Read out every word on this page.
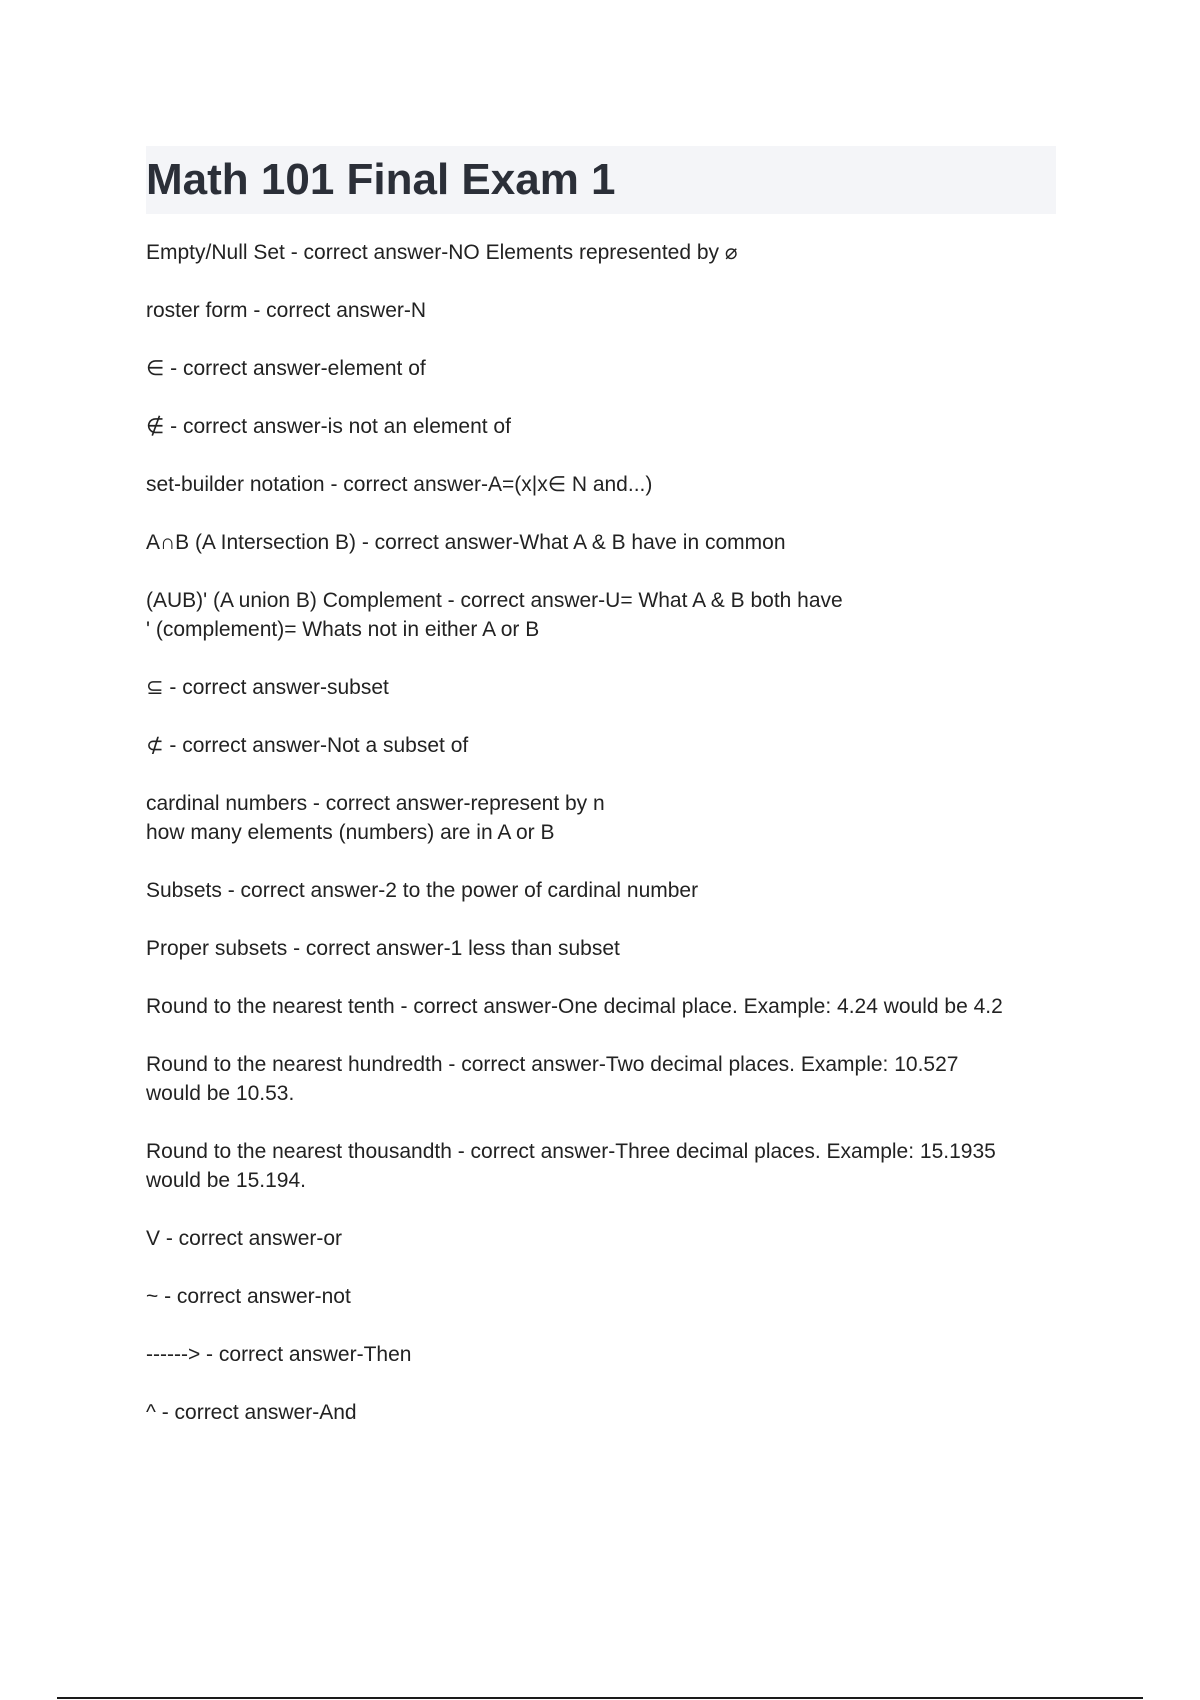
Math 101 Final Exam 1

Empty/Null Set - correct answer-NO Elements represented by ⌀

roster form - correct answer-N

∈ - correct answer-element of

∉ - correct answer-is not an element of

set-builder notation - correct answer-A=(x|x∈ N and...)

A∩B (A Intersection B) - correct answer-What A & B have in common

(AUB)' (A union B) Complement - correct answer-U= What A & B both have
' (complement)= Whats not in either A or B

⊆ - correct answer-subset

⊄ - correct answer-Not a subset of

cardinal numbers - correct answer-represent by n
how many elements (numbers) are in A or B

Subsets - correct answer-2 to the power of cardinal number

Proper subsets - correct answer-1 less than subset

Round to the nearest tenth - correct answer-One decimal place. Example: 4.24 would be 4.2

Round to the nearest hundredth - correct answer-Two decimal places. Example: 10.527
would be 10.53.

Round to the nearest thousandth - correct answer-Three decimal places. Example: 15.1935
would be 15.194.

V - correct answer-or

~ - correct answer-not

------> - correct answer-Then

^ - correct answer-And
